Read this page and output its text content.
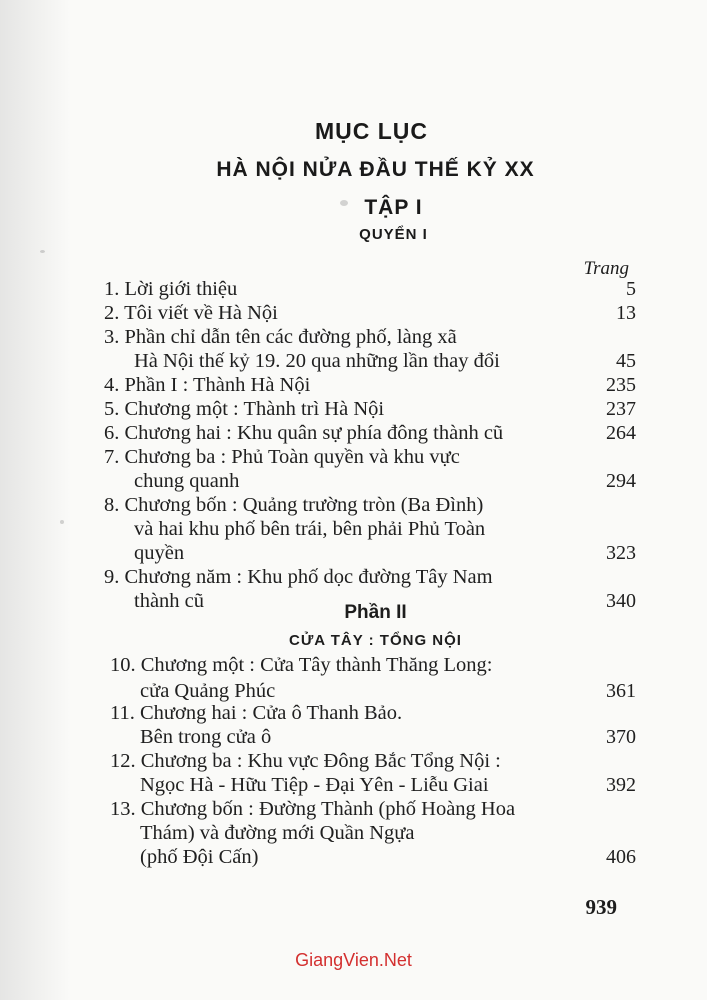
MỤC LỤC
HÀ NỘI NỬA ĐẦU THẾ KỶ XX
TẬP I
QUYỂN I
Trang
1. Lời giới thiệu	5
2. Tôi viết về Hà Nội	13
3. Phần chỉ dẫn tên các đường phố, làng xã
Hà Nội thế kỷ 19. 20 qua những lần thay đổi	45
4. Phần I : Thành Hà Nội	235
5. Chương một : Thành trì Hà Nội	237
6. Chương hai : Khu quân sự phía đông thành cũ	264
7. Chương ba : Phủ Toàn quyền và khu vực
chung quanh	294
8. Chương bốn : Quảng trường tròn (Ba Đình)
và hai khu phố bên trái, bên phải Phủ Toàn
quyền	323
9. Chương năm : Khu phố dọc đường Tây Nam
thành cũ	340
Phần II
CỬA TÂY : TỔNG NỘI
10. Chương một : Cửa Tây thành Thăng Long:
cửa Quảng Phúc	361
11. Chương hai : Cửa ô Thanh Bảo.
Bên trong cửa ô	370
12. Chương ba : Khu vực Đông Bắc Tổng Nội :
Ngọc Hà - Hữu Tiệp - Đại Yên - Liễu Giai	392
13. Chương bốn : Đường Thành (phố Hoàng Hoa
Thám) và đường mới Quần Ngựa
(phố Đội Cấn)	406
939
GiangVien.Net
